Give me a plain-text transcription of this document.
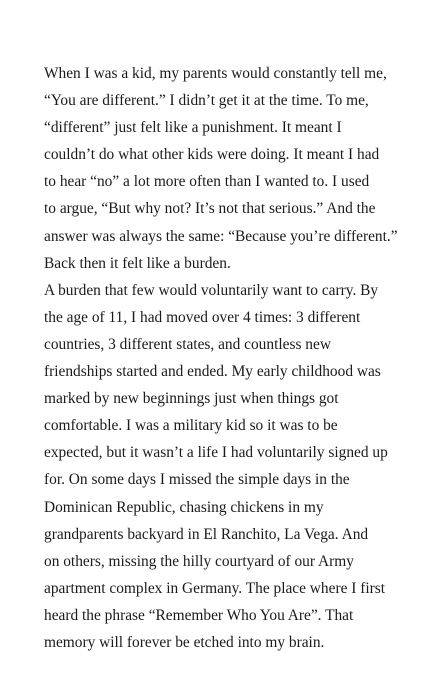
When I was a kid, my parents would constantly tell me,
“You are different.” I didn’t get it at the time. To me,
“different” just felt like a punishment. It meant I
couldn’t do what other kids were doing. It meant I had
to hear “no” a lot more often than I wanted to. I used
to argue, “But why not? It’s not that serious.” And the
answer was always the same: “Because you’re different.”
Back then it felt like a burden.

A burden that few would voluntarily want to carry. By
the age of 11, I had moved over 4 times: 3 different
countries, 3 different states, and countless new
friendships started and ended. My early childhood was
marked by new beginnings just when things got
comfortable. I was a military kid so it was to be
expected, but it wasn’t a life I had voluntarily signed up
for. On some days I missed the simple days in the
Dominican Republic, chasing chickens in my
grandparents backyard in El Ranchito, La Vega. And
on others, missing the hilly courtyard of our Army
apartment complex in Germany. The place where I first
heard the phrase “Remember Who You Are”. That
memory will forever be etched into my brain.
